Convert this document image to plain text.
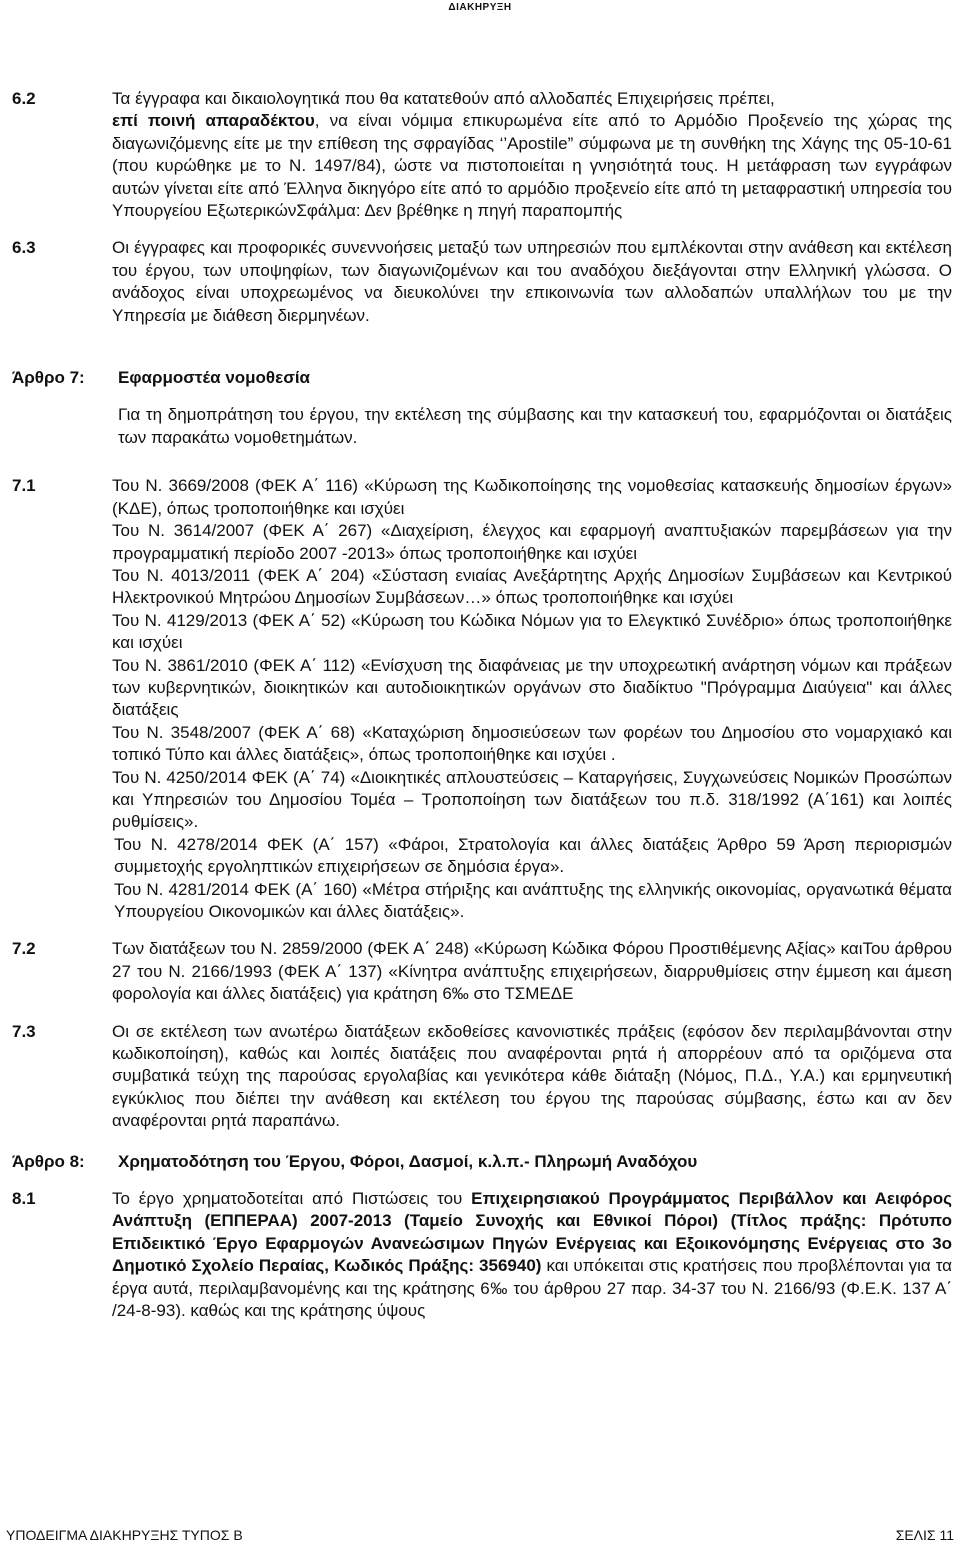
ΔΙΑΚΗΡΥΞΗ
6.2	Τα έγγραφα και δικαιολογητικά που θα κατατεθούν από αλλοδαπές Επιχειρήσεις πρέπει,
επί ποινή απαραδέκτου, να είναι νόμιμα επικυρωμένα είτε από το Αρμόδιο Προξενείο της χώρας της διαγωνιζόμενης είτε με την επίθεση της σφραγίδας ‘’Apostile” σύμφωνα με τη συνθήκη της Χάγης της 05-10-61 (που κυρώθηκε με το Ν. 1497/84), ώστε να πιστοποιείται η γνησιότητά τους. Η μετάφραση των εγγράφων αυτών γίνεται είτε από Έλληνα δικηγόρο είτε από το αρμόδιο προξενείο είτε από τη μεταφραστική υπηρεσία του Υπουργείου ΕξωτερικώνΣφάλμα: Δεν βρέθηκε η πηγή παραπομπής
6.3	Οι έγγραφες και προφορικές συνεννοήσεις μεταξύ των υπηρεσιών που εμπλέκονται στην ανάθεση και εκτέλεση του έργου, των υποψηφίων, των διαγωνιζομένων και του αναδόχου διεξάγονται στην Ελληνική γλώσσα. Ο ανάδοχος είναι υποχρεωμένος να διευκολύνει την επικοινωνία των αλλοδαπών υπαλλήλων του με την Υπηρεσία με διάθεση διερμηνέων.
Άρθρο 7:	Εφαρμοστέα νομοθεσία
Για τη δημοπράτηση του έργου, την εκτέλεση της σύμβασης και την κατασκευή του, εφαρμόζονται οι διατάξεις των παρακάτω νομοθετημάτων.
7.1	Του Ν. 3669/2008 (ΦΕΚ Α΄ 116) «Κύρωση της Κωδικοποίησης της νομοθεσίας κατασκευής δημοσίων έργων» (ΚΔΕ), όπως τροποποιήθηκε και ισχύει

Του Ν. 3614/2007 (ΦΕΚ Α΄ 267) «Διαχείριση, έλεγχος και εφαρμογή αναπτυξιακών παρεμβάσεων για την προγραμματική περίοδο 2007 -2013» όπως τροποποιήθηκε και ισχύει

Του Ν. 4013/2011 (ΦΕΚ Α΄ 204) «Σύσταση ενιαίας Ανεξάρτητης Αρχής Δημοσίων Συμβάσεων και Κεντρικού Ηλεκτρονικού Μητρώου Δημοσίων Συμβάσεων…» όπως τροποποιήθηκε και ισχύει

Του Ν. 4129/2013 (ΦΕΚ Α΄ 52) «Κύρωση του Κώδικα Νόμων για το Ελεγκτικό Συνέδριο» όπως τροποποιήθηκε και ισχύει

Του Ν. 3861/2010 (ΦΕΚ Α΄ 112) «Ενίσχυση της διαφάνειας με την υποχρεωτική ανάρτηση νόμων και πράξεων των κυβερνητικών, διοικητικών και αυτοδιοικητικών οργάνων στο διαδίκτυο "Πρόγραμμα Διαύγεια" και άλλες διατάξεις

Του Ν. 3548/2007 (ΦΕΚ Α΄ 68) «Καταχώριση δημοσιεύσεων των φορέων του Δημοσίου στο νομαρχιακό και τοπικό Τύπο και άλλες διατάξεις», όπως τροποποιήθηκε και ισχύει .

Του Ν. 4250/2014 ΦΕΚ (Α΄ 74) «Διοικητικές απλουστεύσεις – Καταργήσεις, Συγχωνεύσεις Νομικών Προσώπων και Υπηρεσιών του Δημοσίου Τομέα – Τροποποίηση των διατάξεων του π.δ. 318/1992 (Α΄161) και λοιπές ρυθμίσεις».

Του Ν. 4278/2014 ΦΕΚ (Α΄ 157) «Φάροι, Στρατολογία και άλλες διατάξεις Άρθρο 59 Άρση περιορισμών συμμετοχής εργοληπτικών επιχειρήσεων σε δημόσια έργα».

Του Ν. 4281/2014 ΦΕΚ (Α΄ 160) «Μέτρα στήριξης και ανάπτυξης της ελληνικής οικονομίας, οργανωτικά θέματα Υπουργείου Οικονομικών και άλλες διατάξεις».

7.2	Των διατάξεων του Ν. 2859/2000 (ΦΕΚ Α΄ 248) «Κύρωση Κώδικα Φόρου Προστιθέμενης Αξίας» καιΤου άρθρου 27 του Ν. 2166/1993 (ΦΕΚ Α΄ 137) «Κίνητρα ανάπτυξης επιχειρήσεων, διαρρυθμίσεις στην έμμεση και άμεση φορολογία και άλλες διατάξεις) για κράτηση 6‰ στο ΤΣΜΕΔΕ
7.3	Οι σε εκτέλεση των ανωτέρω διατάξεων εκδοθείσες κανονιστικές πράξεις (εφόσον δεν περιλαμβάνονται στην κωδικοποίηση), καθώς και λοιπές διατάξεις που αναφέρονται ρητά ή απορρέουν από τα οριζόμενα στα συμβατικά τεύχη της παρούσας εργολαβίας και γενικότερα κάθε διάταξη (Νόμος, Π.Δ., Υ.Α.) και ερμηνευτική εγκύκλιος που διέπει την ανάθεση και εκτέλεση του έργου της παρούσας σύμβασης, έστω και αν δεν αναφέρονται ρητά παραπάνω.
Άρθρο 8:	Χρηματοδότηση του Έργου, Φόροι, Δασμοί, κ.λ.π.- Πληρωμή Αναδόχου
8.1	Το έργο χρηματοδοτείται από Πιστώσεις του Επιχειρησιακού Προγράμματος Περιβάλλον και Αειφόρος Ανάπτυξη (ΕΠΠΕΡΑΑ) 2007-2013 (Ταμείο Συνοχής και Εθνικοί Πόροι) (Τίτλος πράξης: Πρότυπο Επιδεικτικό Έργο Εφαρμογών Ανανεώσιμων Πηγών Ενέργειας και Εξοικονόμησης Ενέργειας στο 3ο Δημοτικό Σχολείο Περαίας, Κωδικός Πράξης: 356940) και υπόκειται στις κρατήσεις που προβλέπονται για τα έργα αυτά, περιλαμβανομένης και της κράτησης 6‰ του άρθρου 27 παρ. 34-37 του Ν. 2166/93 (Φ.Ε.Κ. 137 Α΄ /24-8-93). καθώς και της κράτησης ύψους
ΥΠΟΔΕΙΓΜΑ ΔΙΑΚΗΡΥΞΗΣ ΤΥΠΟΣ Β	ΣΕΛΙΣ 11
